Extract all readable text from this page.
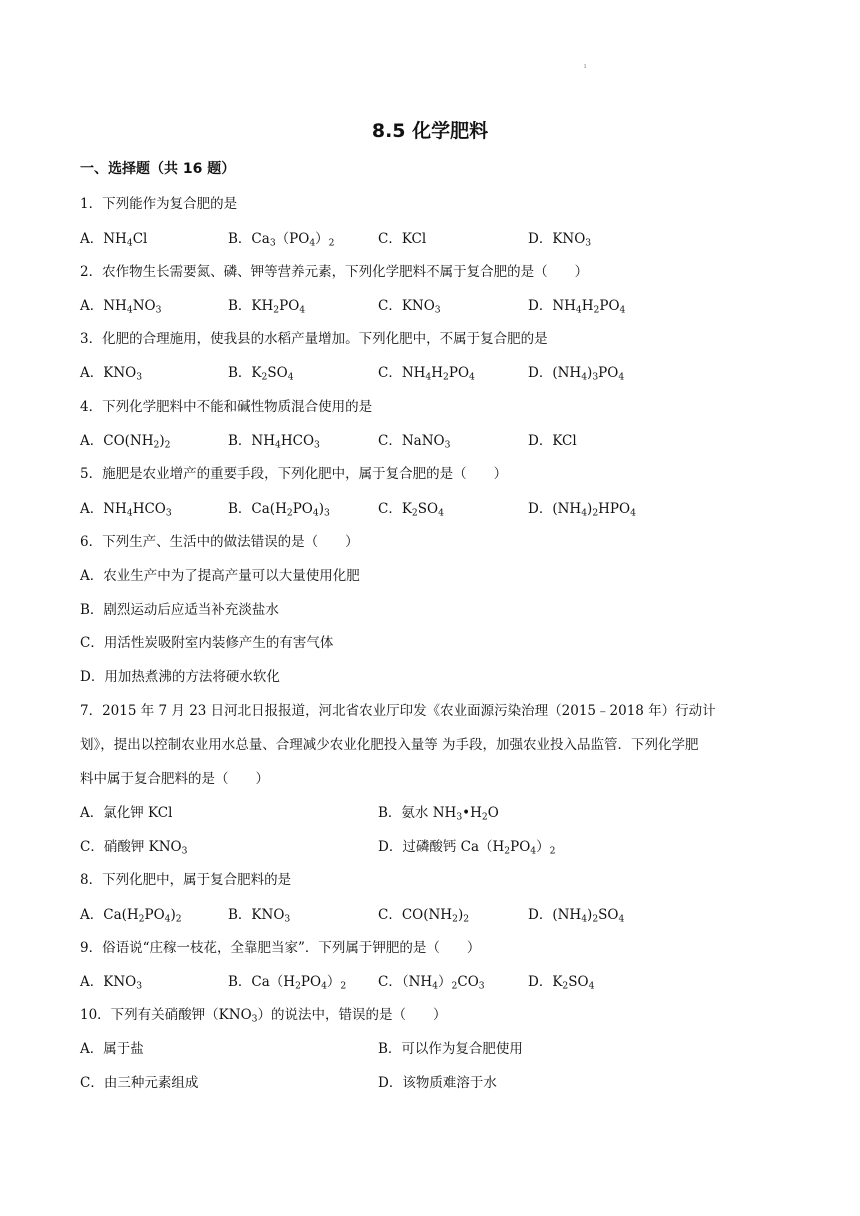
ı
8.5 化学肥料
一、选择题（共 16 题）
1．下列能作为复合肥的是
A．$NH_4Cl$	B．$Ca_3(PO_4)_2$	C．KCl	D．$KNO_3$
2．农作物生长需要氮、磷、钾等营养元素，下列化学肥料不属于复合肥的是（　　）
A．$NH_4NO_3$	B．$KH_2PO_4$	C．$KNO_3$	D．$NH_4H_2PO_4$
3．化肥的合理施用，使我县的水稻产量增加。下列化肥中，不属于复合肥的是
A．$KNO_3$	B．$K_2SO_4$	C．$NH_4H_2PO_4$	D．$(NH_4)_3PO_4$
4．下列化学肥料中不能和碱性物质混合使用的是
A．$CO(NH_2)_2$	B．$NH_4HCO_3$	C．NaNO$_3$	D．KCl
5．施肥是农业增产的重要手段，下列化肥中，属于复合肥的是（　　）
A．$NH_4HCO_3$	B．$Ca(H_2PO_4)_3$	C．$K_2SO_4$	D．$(NH_4)_2HPO_4$
6．下列生产、生活中的做法错误的是（　　）
A．农业生产中为了提高产量可以大量使用化肥
B．剧烈运动后应适当补充淡盐水
C．用活性炭吸附室内装修产生的有害气体
D．用加热煮沸的方法将硬水软化
7．2015 年 7 月 23 日河北日报报道，河北省农业厅印发《农业面源污染治理（2015﹣2018 年）行动计
划》，提出以控制农业用水总量、合理减少农业化肥投入量等 为手段，加强农业投入品监管．下列化学肥
料中属于复合肥料的是（　　）
A．氯化钾 KCl	B．氨水 $NH_3•H_2O$
C．硝酸钾 $KNO_3$	D．过磷酸钙 $Ca(H_2PO_4)_2$
8．下列化肥中，属于复合肥料的是
A．$Ca(H_2PO_4)_2$	B．$KNO_3$	C．$CO(NH_2)_2$	D．$(NH_4)_2SO_4$
9．俗语说“庄稼一枝花，全靠肥当家”．下列属于钾肥的是（　　）
A．$KNO_3$	B．$Ca(H_2PO_4)_2$ C．$(NH_4)_2CO_3$	D．$K_2SO_4$
10．下列有关硝酸钾$(KNO_3)$的说法中，错误的是（　　）
A．属于盐	B．可以作为复合肥使用
C．由三种元素组成	D．该物质难溶于水
